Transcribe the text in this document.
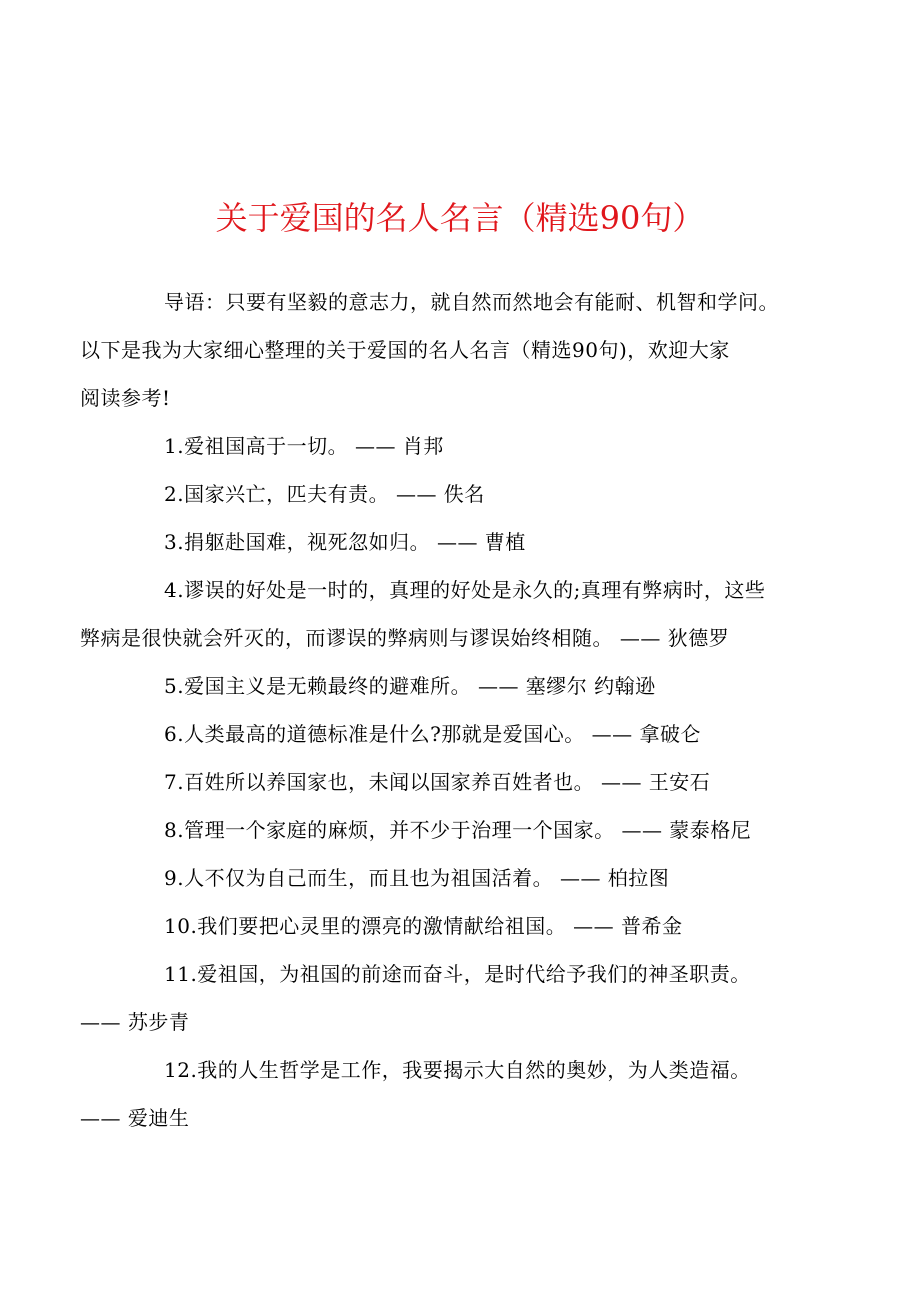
关于爱国的名人名言（精选90句）

导语：只要有坚毅的意志力，就自然而然地会有能耐、机智和学问。
以下是我为大家细心整理的关于爱国的名人名言（精选90句)，欢迎大家
阅读参考!

1.爱祖国高于一切。 —— 肖邦

2.国家兴亡，匹夫有责。 —— 佚名

3.捐躯赴国难，视死忽如归。 —— 曹植

4.谬误的好处是一时的，真理的好处是永久的;真理有弊病时，这些
弊病是很快就会歼灭的，而谬误的弊病则与谬误始终相随。 —— 狄德罗

5.爱国主义是无赖最终的避难所。 —— 塞缪尔 约翰逊

6.人类最高的道德标准是什么?那就是爱国心。 —— 拿破仑

7.百姓所以养国家也，未闻以国家养百姓者也。 —— 王安石

8.管理一个家庭的麻烦，并不少于治理一个国家。 —— 蒙泰格尼

9.人不仅为自己而生，而且也为祖国活着。 —— 柏拉图

10.我们要把心灵里的漂亮的激情献给祖国。 —— 普希金

11.爱祖国，为祖国的前途而奋斗，是时代给予我们的神圣职责。
—— 苏步青

12.我的人生哲学是工作，我要揭示大自然的奥妙，为人类造福。
—— 爱迪生
